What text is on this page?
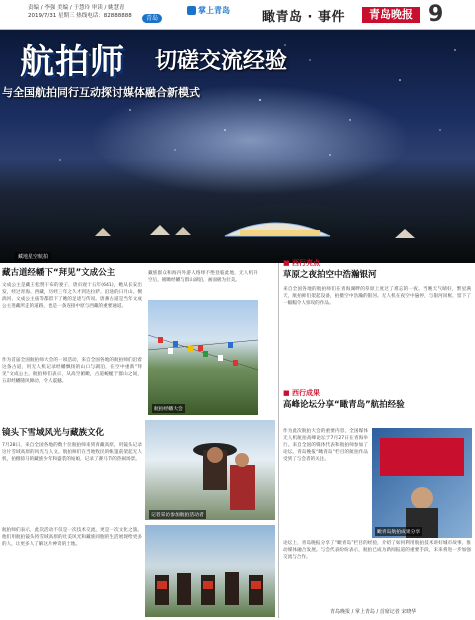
责编 / 李强 美编 / 于慧玲 审读 / 姚慧青
2019/7/31 星期三 热线电话：82888888	青岛
掌上青岛 瞰青岛 · 事件	青岛晚报 9
航拍师 切磋交流经验
与全国航拍同行互动探讨媒体融合新模式
藏地星空航拍
藏古道经幡下“拜见”文成公主
文成公主是藏王松赞干布的妻子，唐贞观十五年(641)，她从长安出发，经过青海、西藏，历经三年之久才到达拉萨。沿途的日月山、倒淌河、文成公主庙等都留下了她的足迹与传说。唐蕃古道是当年文成公主进藏所走的道路，也是一条连接中原与西藏的重要通道。
作为首届全国航拍师大会的一项活动，来自全国各地的航拍师们沿着这条古道，用无人机记录经幡飘扬的山口与湖泊，在空中重新“拜见”文成公主。航拍师们表示，从高空俯瞰，古道蜿蜒于群山之间，五彩经幡随风舞动，令人震撼。
藏族群众和海内外游人络绎不绝登临此地，无人机升空后，俯瞰经幡与群山湖泊，画面极为壮美。
航拍经幡大会
镜头下雪域风光与藏族文化
7月28日，来自全国各地的数十位航拍师来到青藏高原，用镜头记录这片雪域高原的风光与人文。航拍师们在当地牧民的帐篷前架起无人机，拍摄骑马的藏族少年和盛装的姑娘，记录了赛马节的热闹场景。
航拍师们表示，此次活动不仅是一次技术交流，更是一次文化之旅。他们用航拍镜头将雪域高原的壮美风光和藏族同胞的生活展现给更多的人，让更多人了解这片神奇的土地。
记者采访参加航拍活动者
■ 西行亮点
草原之夜拍空中浩瀚银河
来自全国各地的航拍师们在青海湖畔的草原上度过了难忘的一夜。当晚天气晴好，繁星满天，航拍师们架起设备，拍摄空中浩瀚的银河。无人机在夜空中悬停，与银河同框，留下了一幅幅令人惊叹的作品。
■ 西行成果
高峰论坛分享“瞰青岛”航拍经验
作为此次航拍大会的重要内容，全国媒体无人机航拍高峰论坛于7月27日在青海举行。来自全国的媒体代表和航拍师参加了论坛。青岛晚报“瞰青岛”栏目的航拍作品受到了与会者的关注。
瞰青岛航拍成果分享
论坛上，青岛晚报分享了“瞰青岛”栏目的经验，介绍了如何利用航拍技术讲好城市故事、推动媒体融合发展。与会代表纷纷表示，航拍已成为新闻报道的重要手段，未来将进一步加强交流与合作。
青岛晚报 / 掌上青岛 / 首席记者 宋晓华
